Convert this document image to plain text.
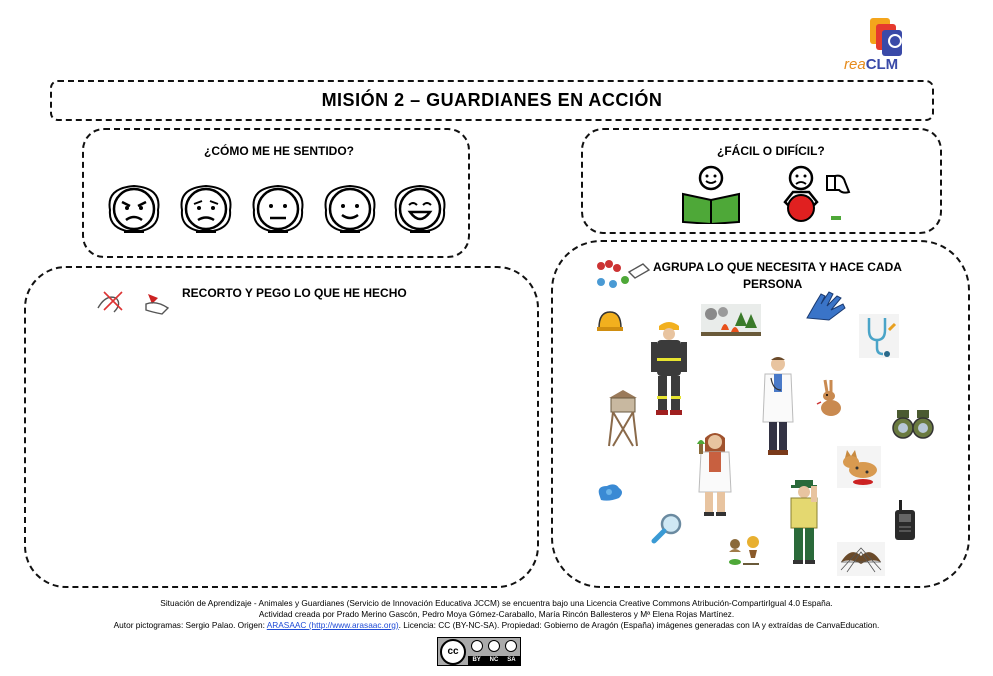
reaCLM
MISIÓN 2 – GUARDIANES EN ACCIÓN
¿CÓMO ME HE SENTIDO?	¿FÁCIL O DIFÍCIL?
RECORTO Y PEGO LO QUE HE HECHO
AGRUPA LO QUE NECESITA Y HACE CADA
PERSONA
Situación de Aprendizaje - Animales y Guardianes (Servicio de Innovación Educativa JCCM) se encuentra bajo una Licencia Creative Commons Atribución-CompartirIgual 4.0 España.
Actividad creada por Prado Merino Gascón, Pedro Moya Gómez-Caraballo, María Rincón Ballesteros y Mª Elena Rojas Martínez.
Autor pictogramas: Sergio Palao. Origen: ARASAAC (http://www.arasaac.org). Licencia: CC (BY-NC-SA). Propiedad: Gobierno de Aragón (España) imágenes generadas con IA y extraídas de CanvaEducation.
cc
BY NC SA
